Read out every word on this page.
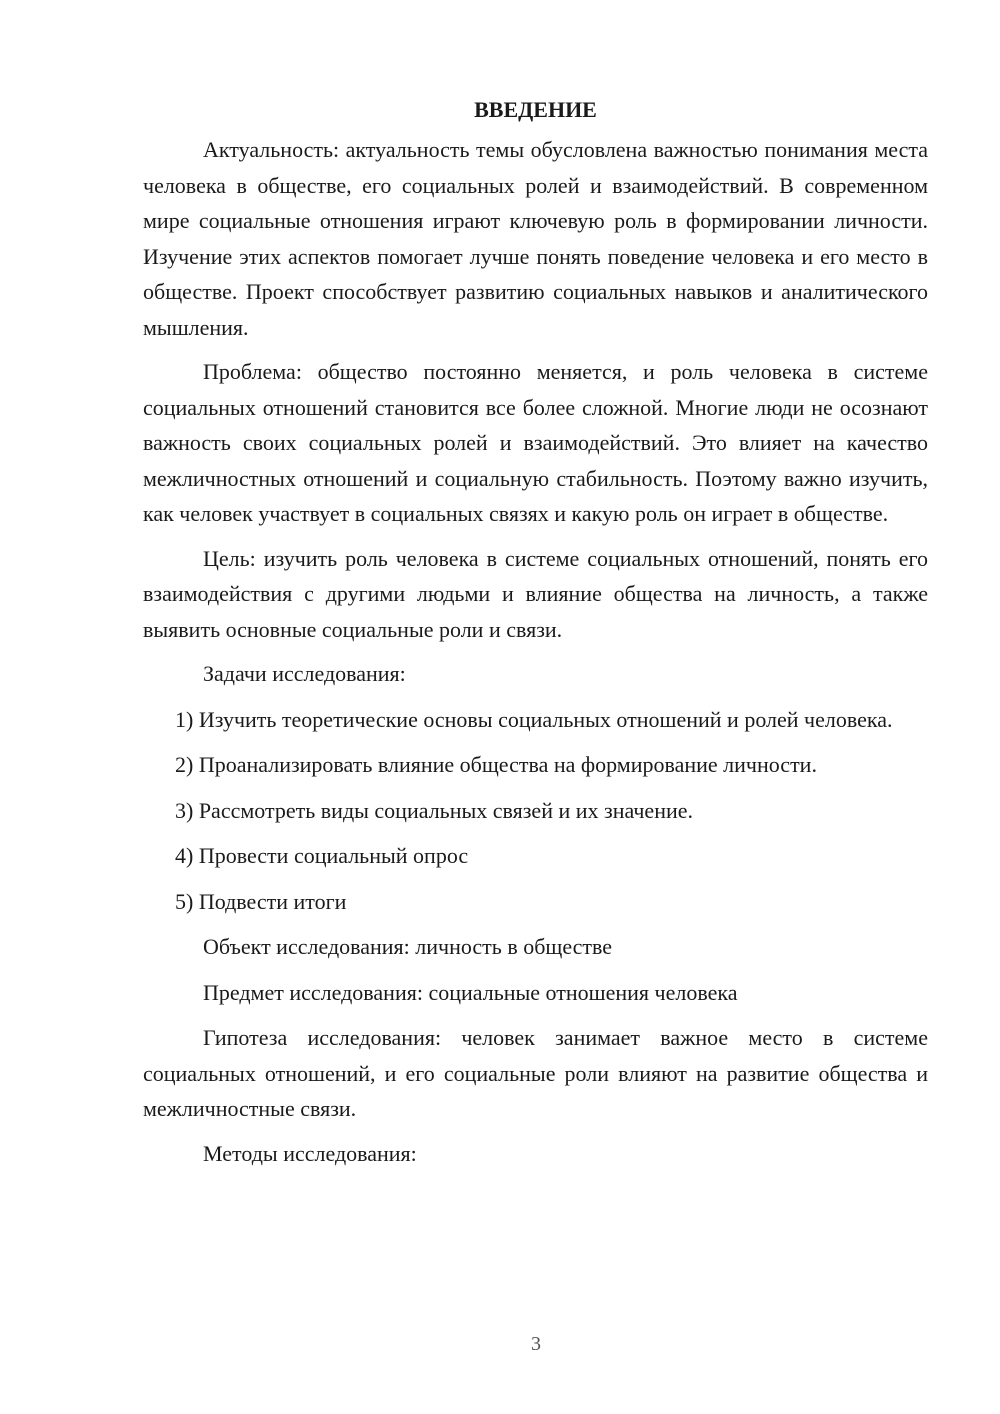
ВВЕДЕНИЕ

Актуальность: актуальность темы обусловлена важностью понимания места человека в обществе, его социальных ролей и взаимодействий. В современном мире социальные отношения играют ключевую роль в формировании личности. Изучение этих аспектов помогает лучше понять поведение человека и его место в обществе. Проект способствует развитию социальных навыков и аналитического мышления.

Проблема: общество постоянно меняется, и роль человека в системе социальных отношений становится все более сложной. Многие люди не осознают важность своих социальных ролей и взаимодействий. Это влияет на качество межличностных отношений и социальную стабильность. Поэтому важно изучить, как человек участвует в социальных связях и какую роль он играет в обществе.

Цель: изучить роль человека в системе социальных отношений, понять его взаимодействия с другими людьми и влияние общества на личность, а также выявить основные социальные роли и связи.

Задачи исследования:

1) Изучить теоретические основы социальных отношений и ролей человека.

2) Проанализировать влияние общества на формирование личности.

3) Рассмотреть виды социальных связей и их значение.

4) Провести социальный опрос

5) Подвести итоги

Объект исследования: личность в обществе

Предмет исследования: социальные отношения человека

Гипотеза исследования: человек занимает важное место в системе социальных отношений, и его социальные роли влияют на развитие общества и межличностные связи.

Методы исследования:

3
